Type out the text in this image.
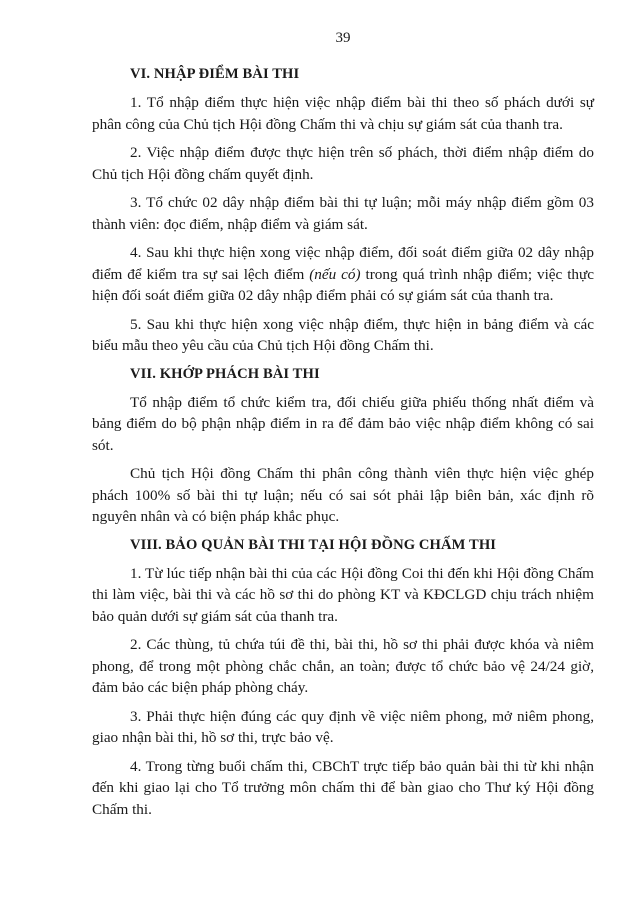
39

VI. NHẬP ĐIỂM BÀI THI

1. Tổ nhập điểm thực hiện việc nhập điểm bài thi theo số phách dưới sự phân công của Chủ tịch Hội đồng Chấm thi và chịu sự giám sát của thanh tra.

2. Việc nhập điểm được thực hiện trên số phách, thời điểm nhập điểm do Chủ tịch Hội đồng chấm quyết định.

3. Tổ chức 02 dây nhập điểm bài thi tự luận; mỗi máy nhập điểm gồm 03 thành viên: đọc điểm, nhập điểm và giám sát.

4. Sau khi thực hiện xong việc nhập điểm, đối soát điểm giữa 02 dây nhập điểm để kiểm tra sự sai lệch điểm (nếu có) trong quá trình nhập điểm; việc thực hiện đối soát điểm giữa 02 dây nhập điểm phải có sự giám sát của thanh tra.

5. Sau khi thực hiện xong việc nhập điểm, thực hiện in bảng điểm và các biểu mẫu theo yêu cầu của Chủ tịch Hội đồng Chấm thi.

VII. KHỚP PHÁCH BÀI THI

Tổ nhập điểm tổ chức kiểm tra, đối chiếu giữa phiếu thống nhất điểm và bảng điểm do bộ phận nhập điểm in ra để đảm bảo việc nhập điểm không có sai sót.

Chủ tịch Hội đồng Chấm thi phân công thành viên thực hiện việc ghép phách 100% số bài thi tự luận; nếu có sai sót phải lập biên bản, xác định rõ nguyên nhân và có biện pháp khắc phục.

VIII. BẢO QUẢN BÀI THI TẠI HỘI ĐỒNG CHẤM THI

1. Từ lúc tiếp nhận bài thi của các Hội đồng Coi thi đến khi Hội đồng Chấm thi làm việc, bài thi và các hồ sơ thi do phòng KT và KĐCLGD chịu trách nhiệm bảo quản dưới sự giám sát của thanh tra.

2. Các thùng, tủ chứa túi đề thi, bài thi, hồ sơ thi phải được khóa và niêm phong, để trong một phòng chắc chắn, an toàn; được tổ chức bảo vệ 24/24 giờ, đảm bảo các biện pháp phòng cháy.

3. Phải thực hiện đúng các quy định về việc niêm phong, mở niêm phong, giao nhận bài thi, hồ sơ thi, trực bảo vệ.

4. Trong từng buổi chấm thi, CBChT trực tiếp bảo quản bài thi từ khi nhận đến khi giao lại cho Tổ trưởng môn chấm thi để bàn giao cho Thư ký Hội đồng Chấm thi.
